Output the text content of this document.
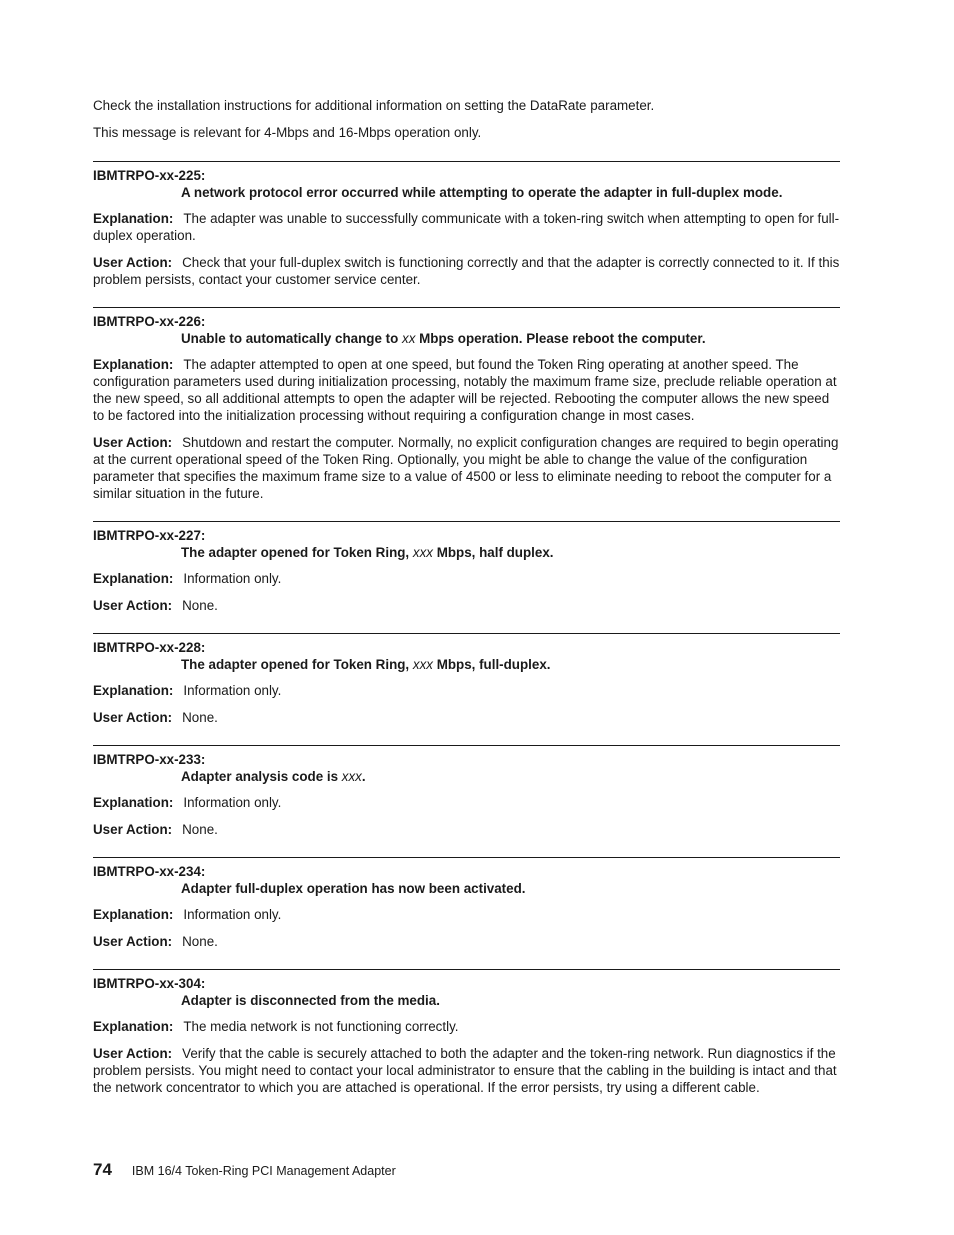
Check the installation instructions for additional information on setting the DataRate parameter.

This message is relevant for 4-Mbps and 16-Mbps operation only.

IBMTRPO-xx-225:

A network protocol error occurred while attempting to operate the adapter in full-duplex mode.

Explanation: The adapter was unable to successfully communicate with a token-ring switch when attempting to open for full-duplex operation.

User Action: Check that your full-duplex switch is functioning correctly and that the adapter is correctly connected to it. If this problem persists, contact your customer service center.

IBMTRPO-xx-226:

Unable to automatically change to xx Mbps operation. Please reboot the computer.

Explanation: The adapter attempted to open at one speed, but found the Token Ring operating at another speed. The configuration parameters used during initialization processing, notably the maximum frame size, preclude reliable operation at the new speed, so all additional attempts to open the adapter will be rejected. Rebooting the computer allows the new speed to be factored into the initialization processing without requiring a configuration change in most cases.

User Action: Shutdown and restart the computer. Normally, no explicit configuration changes are required to begin operating at the current operational speed of the Token Ring. Optionally, you might be able to change the value of the configuration parameter that specifies the maximum frame size to a value of 4500 or less to eliminate needing to reboot the computer for a similar situation in the future.

IBMTRPO-xx-227:

The adapter opened for Token Ring, xxx Mbps, half duplex.

Explanation: Information only.

User Action: None.

IBMTRPO-xx-228:

The adapter opened for Token Ring, xxx Mbps, full-duplex.

Explanation: Information only.

User Action: None.

IBMTRPO-xx-233:

Adapter analysis code is xxx.

Explanation: Information only.

User Action: None.

IBMTRPO-xx-234:

Adapter full-duplex operation has now been activated.

Explanation: Information only.

User Action: None.

IBMTRPO-xx-304:

Adapter is disconnected from the media.

Explanation: The media network is not functioning correctly.

User Action: Verify that the cable is securely attached to both the adapter and the token-ring network. Run diagnostics if the problem persists. You might need to contact your local administrator to ensure that the cabling in the building is intact and that the network concentrator to which you are attached is operational. If the error persists, try using a different cable.

74 IBM 16/4 Token-Ring PCI Management Adapter
